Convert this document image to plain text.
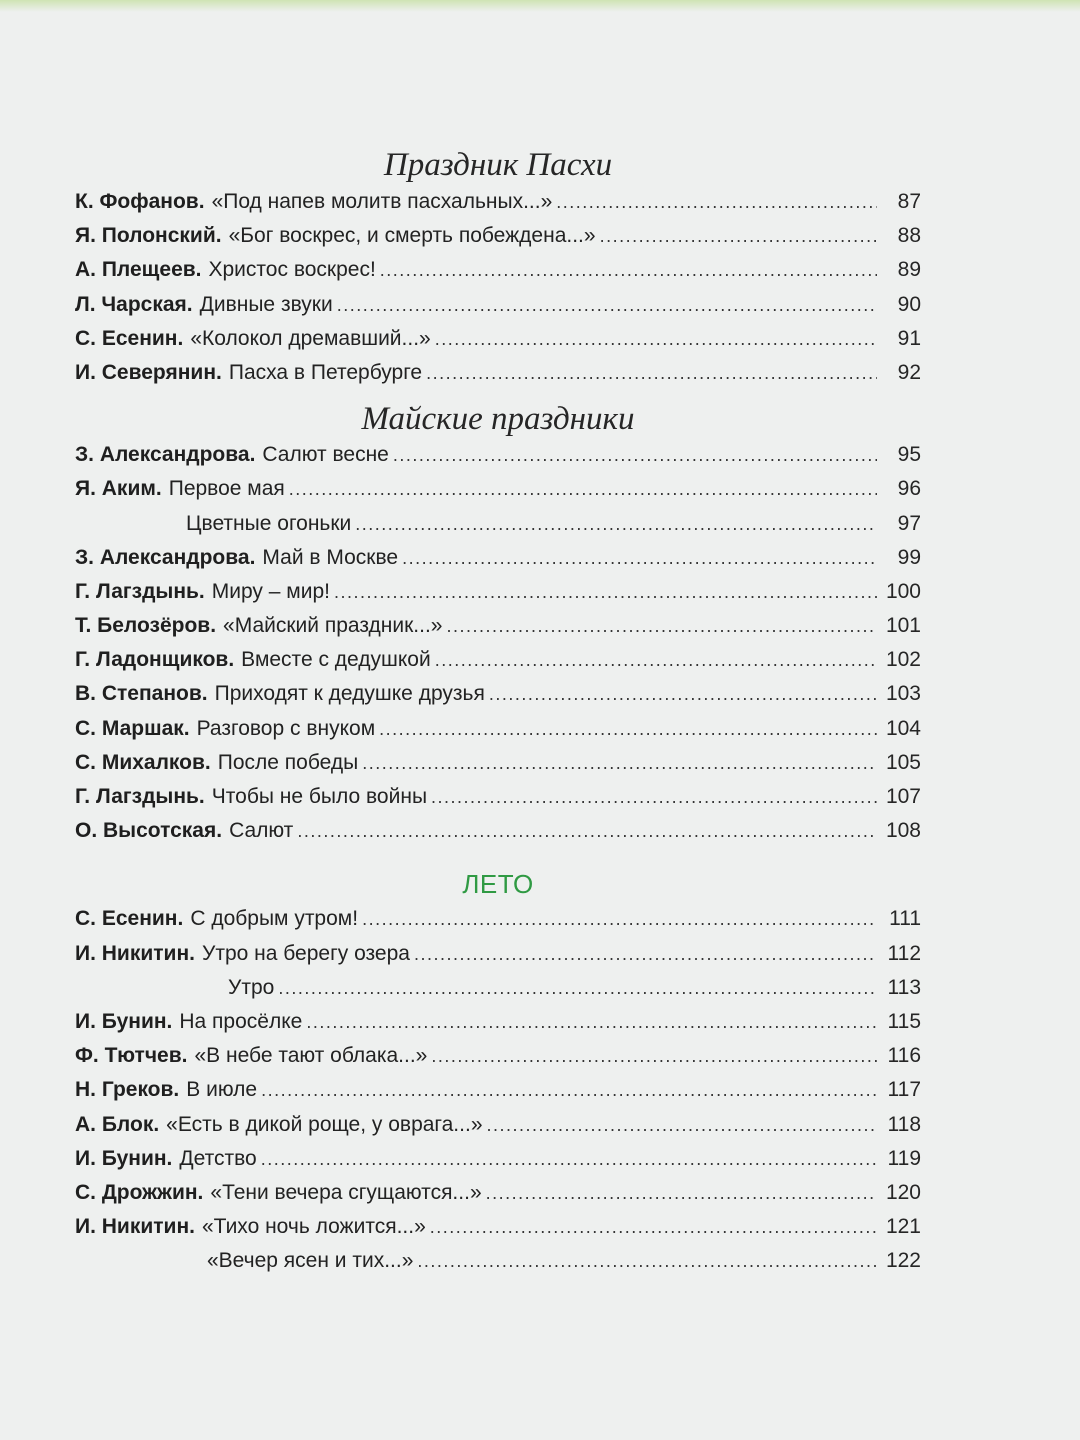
Праздник Пасхи
К. Фофанов. «Под напев молитв пасхальных...» .....	87
Я. Полонский. «Бог воскрес, и смерть побеждена...» .....	88
А. Плещеев. Христос воскрес! .....	89
Л. Чарская. Дивные звуки .....	90
С. Есенин. «Колокол дремавший...» .....	91
И. Северянин. Пасха в Петербурге .....	92
Майские праздники
З. Александрова. Салют весне .....	95
Я. Аким. Первое мая .....	96
Цветные огоньки .....	97
З. Александрова. Май в Москве .....	99
Г. Лагздынь. Миру – мир! .....	100
Т. Белозёров. «Майский праздник...» .....	101
Г. Ладонщиков. Вместе с дедушкой .....	102
В. Степанов. Приходят к дедушке друзья .....	103
С. Маршак. Разговор с внуком .....	104
С. Михалков. После победы .....	105
Г. Лагздынь. Чтобы не было войны .....	107
О. Высотская. Салют .....	108
ЛЕТО
С. Есенин. С добрым утром! .....	111
И. Никитин. Утро на берегу озера .....	112
Утро .....	113
И. Бунин. На просёлке .....	115
Ф. Тютчев. «В небе тают облака...» .....	116
Н. Греков. В июле .....	117
А. Блок. «Есть в дикой роще, у оврага...» .....	118
И. Бунин. Детство .....	119
С. Дрожжин. «Тени вечера сгущаются...» .....	120
И. Никитин. «Тихо ночь ложится...» .....	121
«Вечер ясен и тих...» .....	122
